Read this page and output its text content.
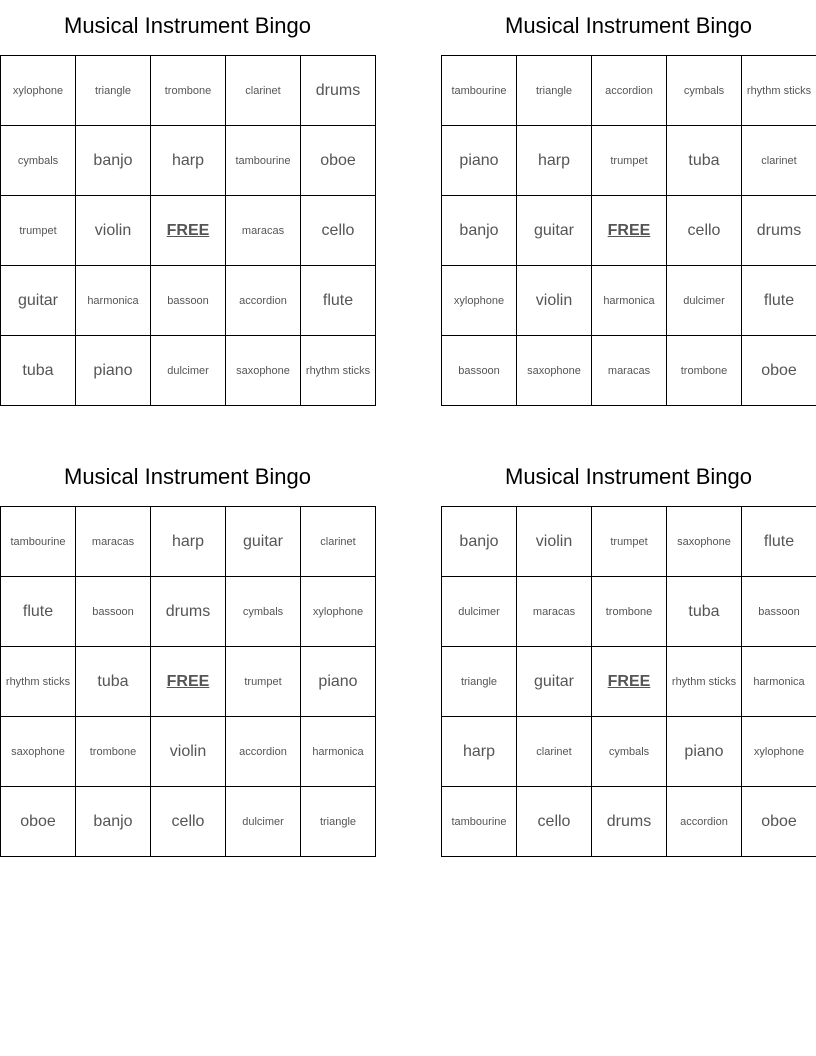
Musical Instrument Bingo
xylophone	triangle	trombone	clarinet	drums
cymbals	banjo	harp	tambourine	oboe
trumpet	violin	FREE	maracas	cello
guitar	harmonica	bassoon	accordion	flute
tuba	piano	dulcimer	saxophone	rhythm sticks
Musical Instrument Bingo
tambourine	triangle	accordion	cymbals	rhythm sticks
piano	harp	trumpet	tuba	clarinet
banjo	guitar	FREE	cello	drums
xylophone	violin	harmonica	dulcimer	flute
bassoon	saxophone	maracas	trombone	oboe
Musical Instrument Bingo
tambourine	maracas	harp	guitar	clarinet
flute	bassoon	drums	cymbals	xylophone
rhythm sticks	tuba	FREE	trumpet	piano
saxophone	trombone	violin	accordion	harmonica
oboe	banjo	cello	dulcimer	triangle
Musical Instrument Bingo
banjo	violin	trumpet	saxophone	flute
dulcimer	maracas	trombone	tuba	bassoon
triangle	guitar	FREE	rhythm sticks	harmonica
harp	clarinet	cymbals	piano	xylophone
tambourine	cello	drums	accordion	oboe
